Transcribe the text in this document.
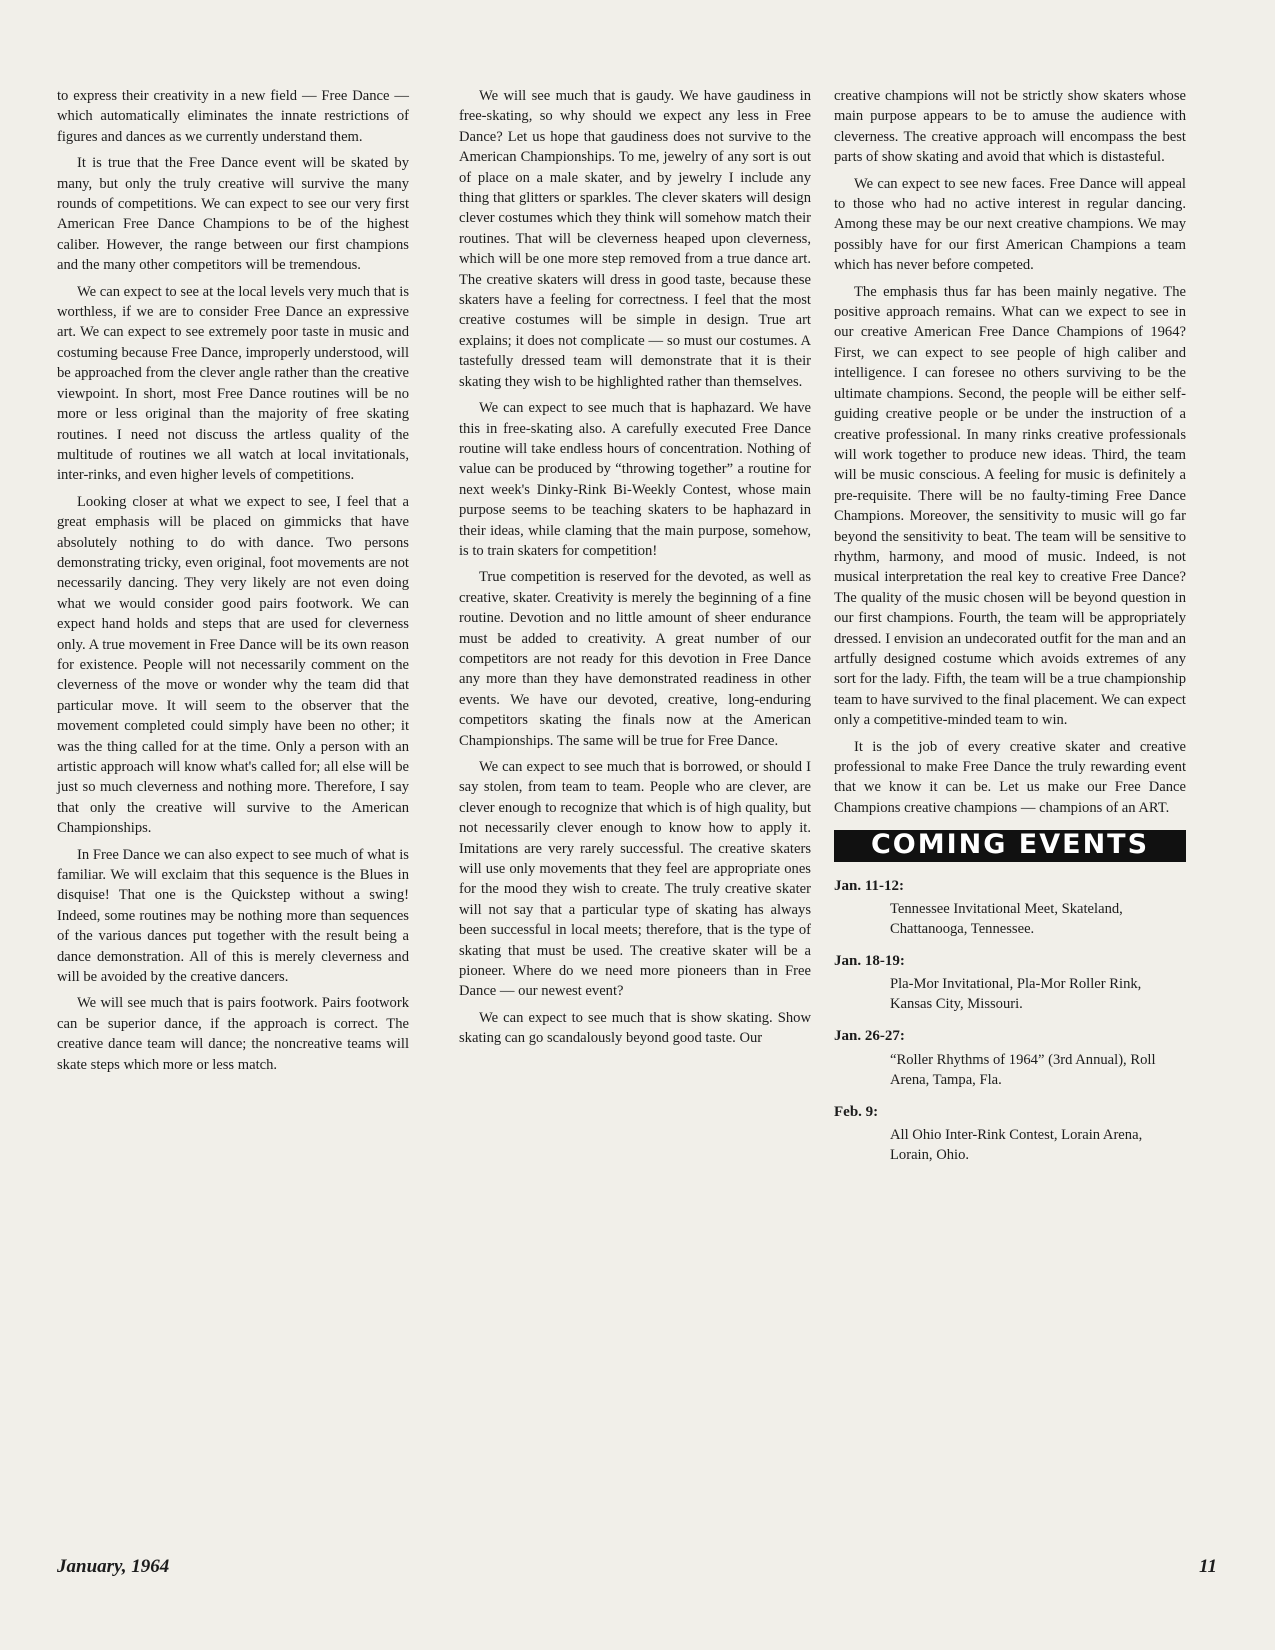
to express their creativity in a new field — Free Dance — which automatically eliminates the innate restrictions of figures and dances as we currently understand them.

It is true that the Free Dance event will be skated by many, but only the truly creative will survive the many rounds of competitions. We can expect to see our very first American Free Dance Champions to be of the highest caliber. However, the range between our first champions and the many other competitors will be tremendous.

We can expect to see at the local levels very much that is worthless, if we are to consider Free Dance an expressive art. We can expect to see extremely poor taste in music and costuming because Free Dance, improperly understood, will be approached from the clever angle rather than the creative viewpoint. In short, most Free Dance routines will be no more or less original than the majority of free skating routines. I need not discuss the artless quality of the multitude of routines we all watch at local invitationals, inter-rinks, and even higher levels of competitions.

Looking closer at what we expect to see, I feel that a great emphasis will be placed on gimmicks that have absolutely nothing to do with dance. Two persons demonstrating tricky, even original, foot movements are not necessarily dancing. They very likely are not even doing what we would consider good pairs footwork. We can expect hand holds and steps that are used for cleverness only. A true movement in Free Dance will be its own reason for existence. People will not necessarily comment on the cleverness of the move or wonder why the team did that particular move. It will seem to the observer that the movement completed could simply have been no other; it was the thing called for at the time. Only a person with an artistic approach will know what's called for; all else will be just so much cleverness and nothing more. Therefore, I say that only the creative will survive to the American Championships.

In Free Dance we can also expect to see much of what is familiar. We will exclaim that this sequence is the Blues in disquise! That one is the Quickstep without a swing! Indeed, some routines may be nothing more than sequences of the various dances put together with the result being a dance demonstration. All of this is merely cleverness and will be avoided by the creative dancers.

We will see much that is pairs footwork. Pairs footwork can be superior dance, if the approach is correct. The creative dance team will dance; the noncreative teams will skate steps which more or less match.

We will see much that is gaudy. We have gaudiness in free-skating, so why should we expect any less in Free Dance? Let us hope that gaudiness does not survive to the American Championships. To me, jewelry of any sort is out of place on a male skater, and by jewelry I include any thing that glitters or sparkles. The clever skaters will design clever costumes which they think will somehow match their routines. That will be cleverness heaped upon cleverness, which will be one more step removed from a true dance art. The creative skaters will dress in good taste, because these skaters have a feeling for correctness. I feel that the most creative costumes will be simple in design. True art explains; it does not complicate — so must our costumes. A tastefully dressed team will demonstrate that it is their skating they wish to be highlighted rather than themselves.

We can expect to see much that is haphazard. We have this in free-skating also. A carefully executed Free Dance routine will take endless hours of concentration. Nothing of value can be produced by “throwing together” a routine for next week's Dinky-Rink Bi-Weekly Contest, whose main purpose seems to be teaching skaters to be haphazard in their ideas, while claming that the main purpose, somehow, is to train skaters for competition!

True competition is reserved for the devoted, as well as creative, skater. Creativity is merely the beginning of a fine routine. Devotion and no little amount of sheer endurance must be added to creativity. A great number of our competitors are not ready for this devotion in Free Dance any more than they have demonstrated readiness in other events. We have our devoted, creative, long-enduring competitors skating the finals now at the American Championships. The same will be true for Free Dance.

We can expect to see much that is borrowed, or should I say stolen, from team to team. People who are clever, are clever enough to recognize that which is of high quality, but not necessarily clever enough to know how to apply it. Imitations are very rarely successful. The creative skaters will use only movements that they feel are appropriate ones for the mood they wish to create. The truly creative skater will not say that a particular type of skating has always been successful in local meets; therefore, that is the type of skating that must be used. The creative skater will be a pioneer. Where do we need more pioneers than in Free Dance — our newest event?

We can expect to see much that is show skating. Show skating can go scandalously beyond good taste. Our

creative champions will not be strictly show skaters whose main purpose appears to be to amuse the audience with cleverness. The creative approach will encompass the best parts of show skating and avoid that which is distasteful.

We can expect to see new faces. Free Dance will appeal to those who had no active interest in regular dancing. Among these may be our next creative champions. We may possibly have for our first American Champions a team which has never before competed.

The emphasis thus far has been mainly negative. The positive approach remains. What can we expect to see in our creative American Free Dance Champions of 1964? First, we can expect to see people of high caliber and intelligence. I can foresee no others surviving to be the ultimate champions. Second, the people will be either self-guiding creative people or be under the instruction of a creative professional. In many rinks creative professionals will work together to produce new ideas. Third, the team will be music conscious. A feeling for music is definitely a pre-requisite. There will be no faulty-timing Free Dance Champions. Moreover, the sensitivity to music will go far beyond the sensitivity to beat. The team will be sensitive to rhythm, harmony, and mood of music. Indeed, is not musical interpretation the real key to creative Free Dance? The quality of the music chosen will be beyond question in our first champions. Fourth, the team will be appropriately dressed. I envision an undecorated outfit for the man and an artfully designed costume which avoids extremes of any sort for the lady. Fifth, the team will be a true championship team to have survived to the final placement. We can expect only a competitive-minded team to win.

It is the job of every creative skater and creative professional to make Free Dance the truly rewarding event that we know it can be. Let us make our Free Dance Champions creative champions — champions of an ART.

COMING EVENTS
Jan. 11-12:
Tennessee Invitational Meet, Skateland, Chattanooga, Tennessee.
Jan. 18-19:
Pla-Mor Invitational, Pla-Mor Roller Rink, Kansas City, Missouri.
Jan. 26-27:
“Roller Rhythms of 1964” (3rd Annual), Roll Arena, Tampa, Fla.
Feb. 9:
All Ohio Inter-Rink Contest, Lorain Arena, Lorain, Ohio.
January, 1964	11
